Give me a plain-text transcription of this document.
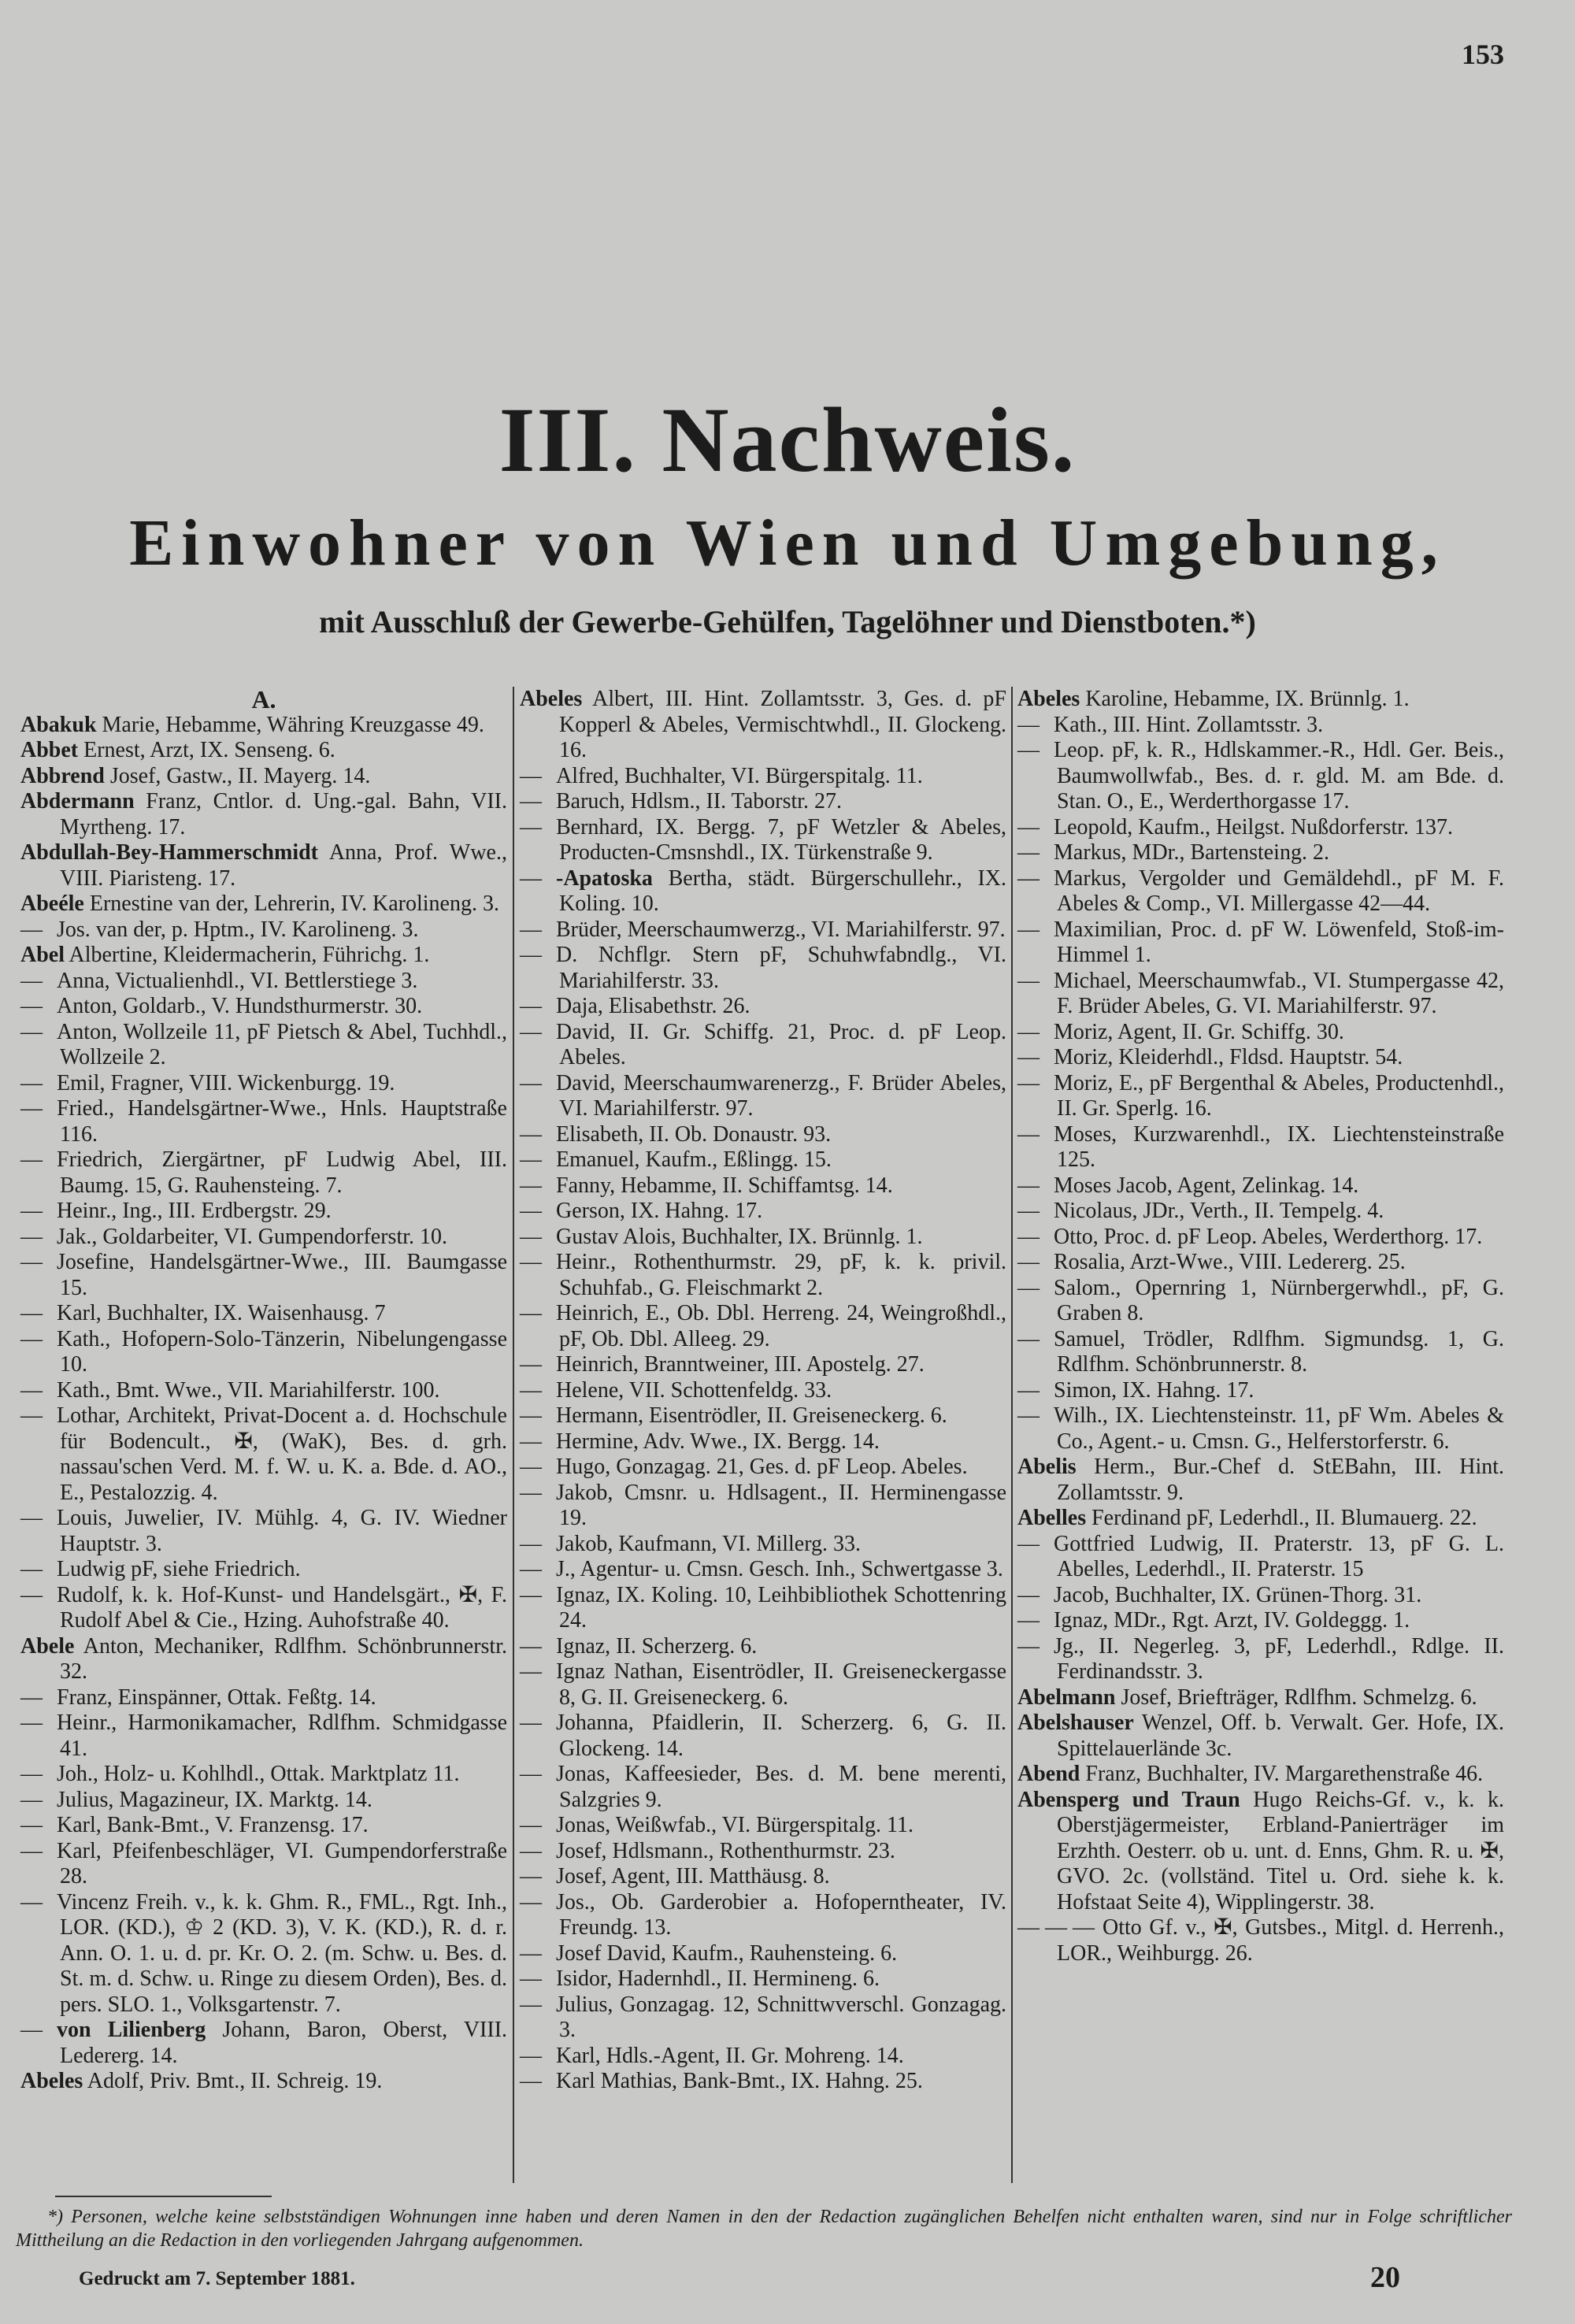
153
III. Nachweis.
Einwohner von Wien und Umgebung,
mit Ausschluß der Gewerbe-Gehülfen, Tagelöhner und Dienstboten.*)
A.
Abakuk Marie, Hebamme, Währing Kreuzgasse 49.
Abbet Ernest, Arzt, IX. Senseng. 6.
Abbrend Josef, Gastw., II. Mayerg. 14.
Abdermann Franz, Cntlor. d. Ung.-gal. Bahn, VII. Myrtheng. 17.
Abdullah-Bey-Hammerschmidt Anna, Prof. Wwe., VIII. Piaristeng. 17.
Abeéle Ernestine van der, Lehrerin, IV. Karolineng. 3.
— Jos. van der, p. Hptm., IV. Karolineng. 3.
Abel Albertine, Kleidermacherin, Führichg. 1.
— Anna, Victualienhdl., VI. Bettlerstiege 3.
— Anton, Goldarb., V. Hundsthurmerstr. 30.
— Anton, Wollzeile 11, pF Pietsch & Abel, Tuchhdl., Wollzeile 2.
— Emil, Fragner, VIII. Wickenburgg. 19.
— Fried., Handelsgärtner-Wwe., Hnls. Hauptstraße 116.
— Friedrich, Ziergärtner, pF Ludwig Abel, III. Baumg. 15, G. Rauhensteing. 7.
— Heinr., Ing., III. Erdbergstr. 29.
— Jak., Goldarbeiter, VI. Gumpendorferstr. 10.
— Josefine, Handelsgärtner-Wwe., III. Baumgasse 15.
— Karl, Buchhalter, IX. Waisenhausg. 7
— Kath., Hofopern-Solo-Tänzerin, Nibelungengasse 10.
— Kath., Bmt. Wwe., VII. Mariahilferstr. 100.
— Lothar, Architekt, Privat-Docent a. d. Hochschule für Bodencult., ✠, (WaK), Bes. d. grh. nassau'schen Verd. M. f. W. u. K. a. Bde. d. AO., E., Pestalozzig. 4.
— Louis, Juwelier, IV. Mühlg. 4, G. IV. Wiedner Hauptstr. 3.
— Ludwig pF, siehe Friedrich.
— Rudolf, k. k. Hof-Kunst- und Handelsgärt., ✠, F. Rudolf Abel & Cie., Hzing. Auhofstraße 40.
Abele Anton, Mechaniker, Rdlfhm. Schönbrunnerstr. 32.
— Franz, Einspänner, Ottak. Feßtg. 14.
— Heinr., Harmonikamacher, Rdlfhm. Schmidgasse 41.
— Joh., Holz- u. Kohlhdl., Ottak. Marktplatz 11.
— Julius, Magazineur, IX. Marktg. 14.
— Karl, Bank-Bmt., V. Franzensg. 17.
— Karl, Pfeifenbeschläger, VI. Gumpendorferstraße 28.
— Vincenz Freih. v., k. k. Ghm. R., FML., Rgt. Inh., LOR. (KD.), ♔ 2 (KD. 3), V. K. (KD.), R. d. r. Ann. O. 1. u. d. pr. Kr. O. 2. (m. Schw. u. Bes. d. St. m. d. Schw. u. Ringe zu diesem Orden), Bes. d. pers. SLO. 1., Volksgartenstr. 7.
— von Lilienberg Johann, Baron, Oberst, VIII. Ledererg. 14.
Abeles Adolf, Priv. Bmt., II. Schreig. 19.
Abeles Albert, III. Hint. Zollamtsstr. 3, Ges. d. pF Kopperl & Abeles, Vermischtwhdl., II. Glockeng. 16.
— Alfred, Buchhalter, VI. Bürgerspitalg. 11.
— Baruch, Hdlsm., II. Taborstr. 27.
— Bernhard, IX. Bergg. 7, pF Wetzler & Abeles, Producten-Cmsnshdl., IX. Türkenstraße 9.
— -Apatoska Bertha, städt. Bürgerschullehr., IX. Koling. 10.
— Brüder, Meerschaumwerzg., VI. Mariahilferstr. 97.
— D. Nchflgr. Stern pF, Schuhwfabndlg., VI. Mariahilferstr. 33.
— Daja, Elisabethstr. 26.
— David, II. Gr. Schiffg. 21, Proc. d. pF Leop. Abeles.
— David, Meerschaumwarenerzg., F. Brüder Abeles, VI. Mariahilferstr. 97.
— Elisabeth, II. Ob. Donaustr. 93.
— Emanuel, Kaufm., Eßlingg. 15.
— Fanny, Hebamme, II. Schiffamtsg. 14.
— Gerson, IX. Hahng. 17.
— Gustav Alois, Buchhalter, IX. Brünnlg. 1.
— Heinr., Rothenthurmstr. 29, pF, k. k. privil. Schuhfab., G. Fleischmarkt 2.
— Heinrich, E., Ob. Dbl. Herreng. 24, Weingroßhdl., pF, Ob. Dbl. Alleeg. 29.
— Heinrich, Branntweiner, III. Apostelg. 27.
— Helene, VII. Schottenfeldg. 33.
— Hermann, Eisentrödler, II. Greiseneckerg. 6.
— Hermine, Adv. Wwe., IX. Bergg. 14.
— Hugo, Gonzagag. 21, Ges. d. pF Leop. Abeles.
— Jakob, Cmsnr. u. Hdlsagent., II. Herminengasse 19.
— Jakob, Kaufmann, VI. Millerg. 33.
— J., Agentur- u. Cmsn. Gesch. Inh., Schwertgasse 3.
— Ignaz, IX. Koling. 10, Leihbibliothek Schottenring 24.
— Ignaz, II. Scherzerg. 6.
— Ignaz Nathan, Eisentrödler, II. Greiseneckergasse 8, G. II. Greiseneckerg. 6.
— Johanna, Pfaidlerin, II. Scherzerg. 6, G. II. Glockeng. 14.
— Jonas, Kaffeesieder, Bes. d. M. bene merenti, Salzgries 9.
— Jonas, Weißwfab., VI. Bürgerspitalg. 11.
— Josef, Hdlsmann., Rothenthurmstr. 23.
— Josef, Agent, III. Matthäusg. 8.
— Jos., Ob. Garderobier a. Hofoperntheater, IV. Freundg. 13.
— Josef David, Kaufm., Rauhensteing. 6.
— Isidor, Hadernhdl., II. Hermineng. 6.
— Julius, Gonzagag. 12, Schnittwverschl. Gonzagag. 3.
— Karl, Hdls.-Agent, II. Gr. Mohreng. 14.
— Karl Mathias, Bank-Bmt., IX. Hahng. 25.
Abeles Karoline, Hebamme, IX. Brünnlg. 1.
— Kath., III. Hint. Zollamtsstr. 3.
— Leop. pF, k. R., Hdlskammer.-R., Hdl. Ger. Beis., Baumwollwfab., Bes. d. r. gld. M. am Bde. d. Stan. O., E., Werderthorgasse 17.
— Leopold, Kaufm., Heilgst. Nußdorferstr. 137.
— Markus, MDr., Bartensteing. 2.
— Markus, Vergolder und Gemäldehdl., pF M. F. Abeles & Comp., VI. Millergasse 42—44.
— Maximilian, Proc. d. pF W. Löwenfeld, Stoß-im-Himmel 1.
— Michael, Meerschaumwfab., VI. Stumpergasse 42, F. Brüder Abeles, G. VI. Mariahilferstr. 97.
— Moriz, Agent, II. Gr. Schiffg. 30.
— Moriz, Kleiderhdl., Fldsd. Hauptstr. 54.
— Moriz, E., pF Bergenthal & Abeles, Productenhdl., II. Gr. Sperlg. 16.
— Moses, Kurzwarenhdl., IX. Liechtensteinstraße 125.
— Moses Jacob, Agent, Zelinkag. 14.
— Nicolaus, JDr., Verth., II. Tempelg. 4.
— Otto, Proc. d. pF Leop. Abeles, Werderthorg. 17.
— Rosalia, Arzt-Wwe., VIII. Ledererg. 25.
— Salom., Opernring 1, Nürnbergerwhdl., pF, G. Graben 8.
— Samuel, Trödler, Rdlfhm. Sigmundsg. 1, G. Rdlfhm. Schönbrunnerstr. 8.
— Simon, IX. Hahng. 17.
— Wilh., IX. Liechtensteinstr. 11, pF Wm. Abeles & Co., Agent.- u. Cmsn. G., Helferstorferstr. 6.
Abelis Herm., Bur.-Chef d. StEBahn, III. Hint. Zollamtsstr. 9.
Abelles Ferdinand pF, Lederhdl., II. Blumauerg. 22.
— Gottfried Ludwig, II. Praterstr. 13, pF G. L. Abelles, Lederhdl., II. Praterstr. 15
— Jacob, Buchhalter, IX. Grünen-Thorg. 31.
— Ignaz, MDr., Rgt. Arzt, IV. Goldeggg. 1.
— Jg., II. Negerleg. 3, pF, Lederhdl., Rdlge. II. Ferdinandsstr. 3.
Abelmann Josef, Briefträger, Rdlfhm. Schmelzg. 6.
Abelshauser Wenzel, Off. b. Verwalt. Ger. Hofe, IX. Spittelauerlände 3c.
Abend Franz, Buchhalter, IV. Margarethenstraße 46.
Abensperg und Traun Hugo Reichs-Gf. v., k. k. Oberstjägermeister, Erbland-Panierträger im Erzhth. Oesterr. ob u. unt. d. Enns, Ghm. R. u. ✠, GVO. 2c. (vollständ. Titel u. Ord. siehe k. k. Hofstaat Seite 4), Wipplingerstr. 38.
— — — Otto Gf. v., ✠, Gutsbes., Mitgl. d. Herrenh., LOR., Weihburgg. 26.
*) Personen, welche keine selbstständigen Wohnungen inne haben und deren Namen in den der Redaction zugänglichen Behelfen nicht enthalten waren, sind nur in Folge schriftlicher Mittheilung an die Redaction in den vorliegenden Jahrgang aufgenommen.
Gedruckt am 7. September 1881.	20
